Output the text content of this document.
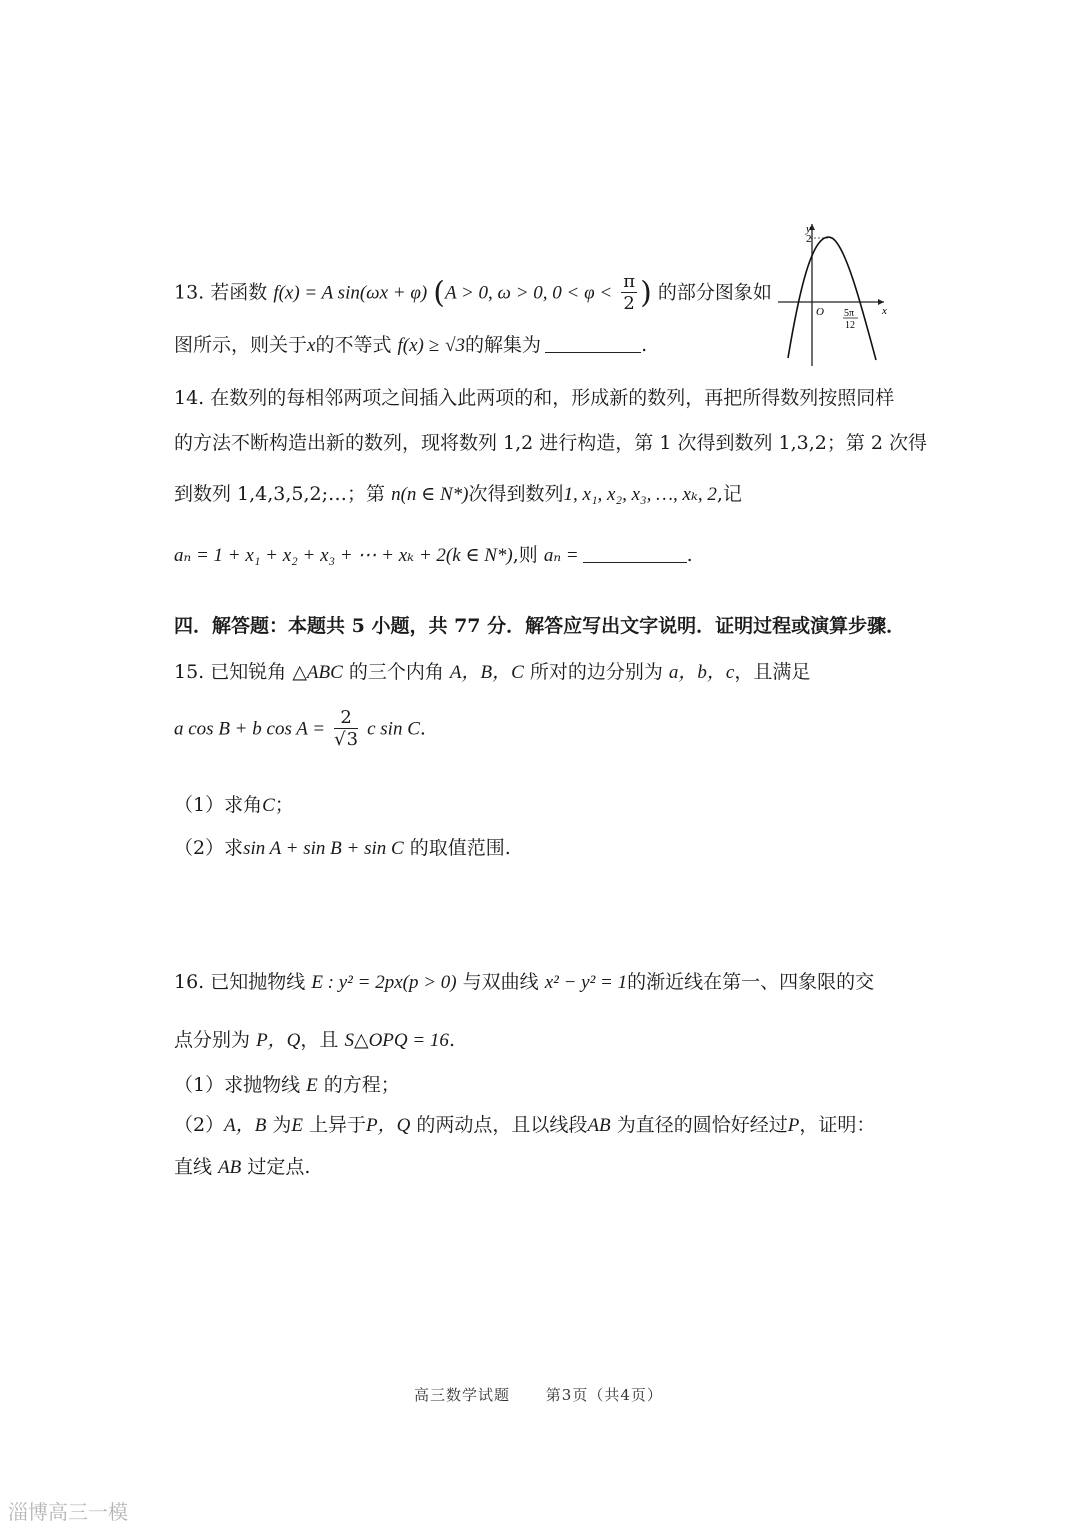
13. 若函数 f(x) = A sin(ωx + φ) (A > 0, ω > 0, $0 < \varphi < \frac{\pi}{2}$ ) 的部分图象如
图所示，则关于x的不等式 f(x) ≥ √3的解集为	.
y
2
O	x
5π
12
14. 在数列的每相邻两项之间插入此两项的和，形成新的数列，再把所得数列按照同样
的方法不断构造出新的数列，现将数列 1,2 进行构造，第 1 次得到数列 1,3,2；第 2 次得
到数列 1,4,3,5,2;…；第 n(n ∈ N*)次得到数列1, x₁, x₂, x₃, …, xₖ, 2,记
aₙ = 1 + x₁ + x₂ + x₃ + ⋯ + xₖ + 2(k ∈ N*),则 aₙ =	.
四．解答题：本题共 5 小题，共 77 分．解答应写出文字说明．证明过程或演算步骤．
15. 已知锐角 △ABC 的三个内角 A，B，C 所对的边分别为 a，b，c，且满足
a cos B + b $\cos A = \frac{2}{√3}$ c sin C.
（1）求角C；
（2）求sin A + sin B + sin C 的取值范围.
16. 已知抛物线 E : y² = 2px(p > 0) 与双曲线 x² − y² = 1的渐近线在第一、四象限的交
点分别为 P，Q，且 S△OPQ = 16.
（1）求抛物线 E 的方程；
（2）A，B 为E 上异于P，Q 的两动点，且以线段AB 为直径的圆恰好经过P，证明：
直线 AB 过定点.
高三数学试题 第3页（共4页）
淄博高三一模
